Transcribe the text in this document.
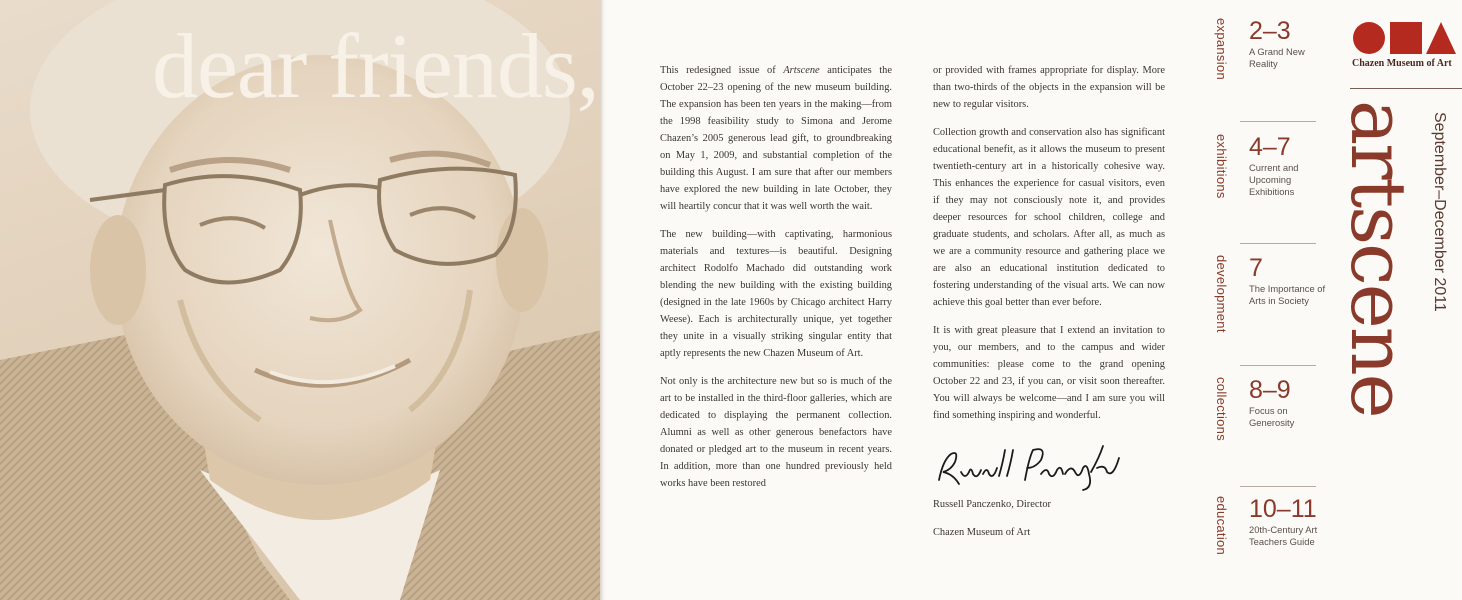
dear friends,	This redesigned issue of Artscene anticipates the October 22–23 opening of the new museum building. The expansion has been ten years in the making—from the 1998 feasibility study to Simona and Jerome Chazen’s 2005 generous lead gift, to groundbreaking on May 1, 2009, and substantial completion of the building this August. I am sure that after our members have explored the new building in late October, they will heartily concur that it was well worth the wait.

The new building—with captivating, harmonious materials and textures—is beautiful. Designing architect Rodolfo Machado did outstanding work blending the new building with the existing building (designed in the late 1960s by Chicago architect Harry Weese). Each is architecturally unique, yet together they unite in a visually striking singular entity that aptly represents the new Chazen Museum of Art.

Not only is the architecture new but so is much of the art to be installed in the third-floor galleries, which are dedicated to displaying the permanent collection. Alumni as well as other generous benefactors have donated or pledged art to the museum in recent years. In addition, more than one hundred previously held works have been restored

or provided with frames appropriate for display. More than two-thirds of the objects in the expansion will be new to regular visitors.

Collection growth and conservation also has significant educational benefit, as it allows the museum to present twentieth-century art in a historically cohesive way. This enhances the experience for casual visitors, even if they may not consciously note it, and provides deeper resources for school children, college and graduate students, and scholars. After all, as much as we are a community resource and gathering place we are also an educational institution dedicated to fostering understanding of the visual arts. We can now achieve this goal better than ever before.

It is with great pleasure that I extend an invitation to you, our members, and to the campus and wider communities: please come to the grand opening October 22 and 23, if you can, or visit soon thereafter. You will always be welcome—and I am sure you will find something inspiring and wonderful.

Russell Panczenko, Director

Chazen Museum of Art

expansion 2–3
A Grand New Reality
exhibitions 4–7
Current and Upcoming Exhibitions
development 7
The Importance of Arts in Society
collections 8–9
Focus on Generosity
education 10–11
20th-Century Art Teachers Guide

Chazen Museum of Art

artscene September–December 2011
